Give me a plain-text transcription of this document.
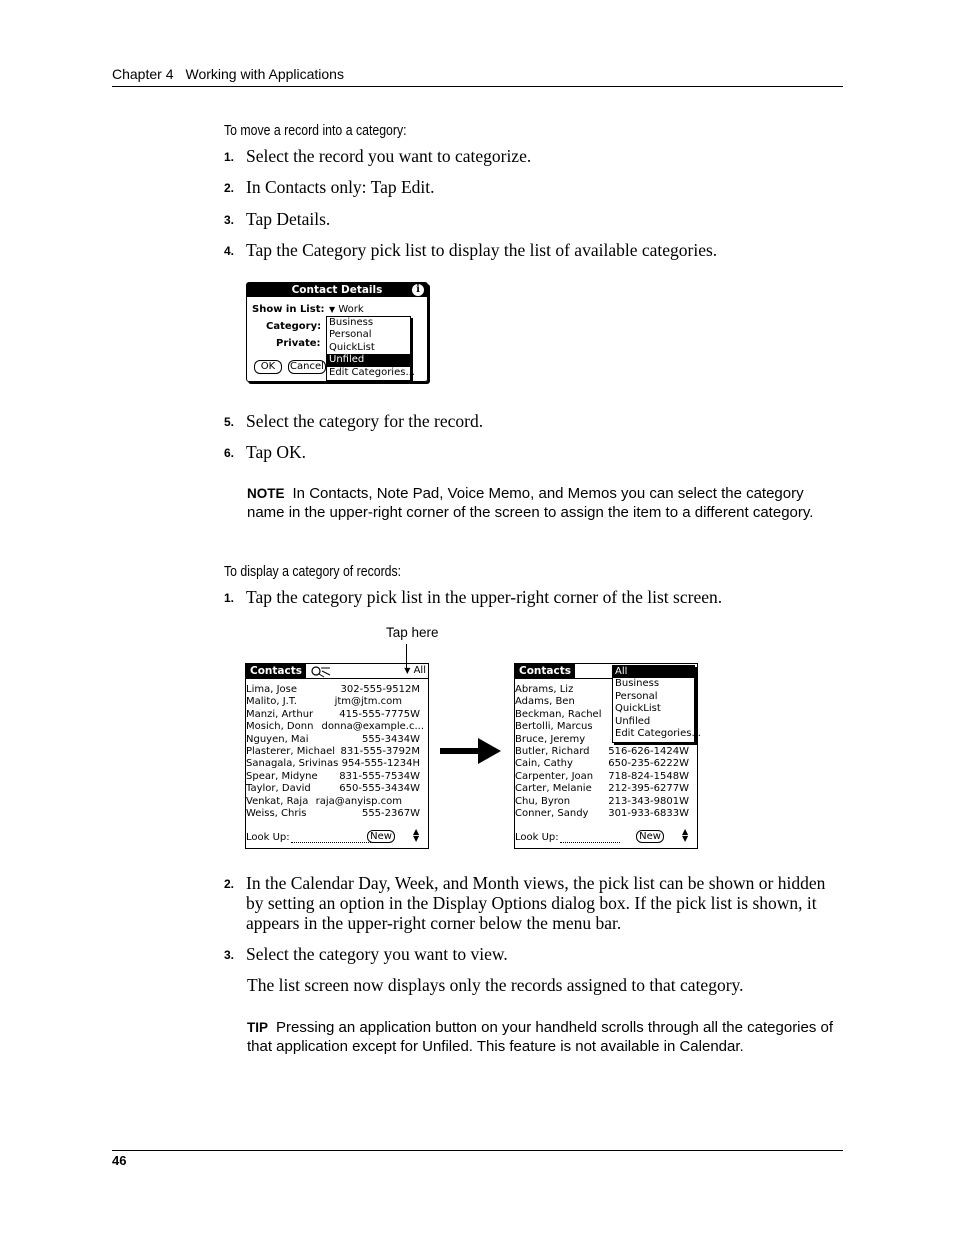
Chapter 4 Working with Applications
To move a record into a category:
1. Select the record you want to categorize.
2. In Contacts only: Tap Edit.
3. Tap Details.
4. Tap the Category pick list to display the list of available categories.
Contact Details	i
Show in List: ▼ Work
Category:
Private:
OK	Cancel
Business
Personal
QuickList
Unfiled
Edit Categories...
5. Select the category for the record.
6. Tap OK.
NOTE In Contacts, Note Pad, Voice Memo, and Memos you can select the category name in the upper-right corner of the screen to assign the item to a different category.
To display a category of records:
1. Tap the category pick list in the upper-right corner of the list screen.
Tap here
Contacts	▼ All
Lima, Jose	302-555-9512M
Malito, J.T.	jtm@jtm.com
Manzi, Arthur	415-555-7775W
Mosich, Donn donna@example.c...
Nguyen, Mai	555-3434W
Plasterer, Michael 831-555-3792M
Sanagala, Srivinas 954-555-1234H
Spear, Midyne 831-555-7534W
Taylor, David	650-555-3434W
Venkat, Raja raja@anyisp.com
Weiss, Chris	555-2367W
Look Up:	New	▲
▼
Contacts
Abrams, Liz
Adams, Ben
Beckman, Rachel
Bertolli, Marcus
Bruce, Jeremy
Butler, Richard 516-626-1424W
Cain, Cathy	650-235-6222W
Carpenter, Joan 718-824-1548W
Carter, Melanie 212-395-6277W
Chu, Byron	213-343-9801W
Conner, Sandy 301-933-6833W
All
Business
Personal
QuickList
Unfiled
Edit Categories...
Look Up:	New	▲
▼
2. In the Calendar Day, Week, and Month views, the pick list can be shown or hidden by setting an option in the Display Options dialog box. If the pick list is shown, it appears in the upper-right corner below the menu bar.
3. Select the category you want to view.
The list screen now displays only the records assigned to that category.
TIP Pressing an application button on your handheld scrolls through all the categories of that application except for Unfiled. This feature is not available in Calendar.
46
